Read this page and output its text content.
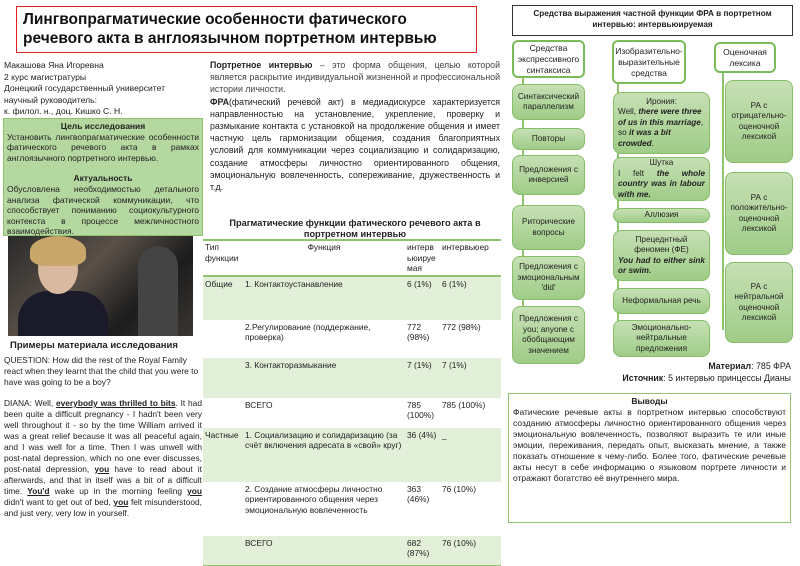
Лингвопрагматические особенности фатического речевого акта в англоязычном портретном интервью
Макашова Яна Игоревна
2 курс магистратуры
Донецкий государственный университет
научный руководитель:
к. филол. н., доц. Кишко С. Н.
Цель исследования
Установить лингвопрагматические особенности фатического речевого акта в рамках англоязычного портретного интервью.
Актуальность
Обусловлена необходимостью детального анализа фатической коммуникации, что способствует пониманию социокультурного контекста в процессе межличностного взаимодействия.
Примеры материала исследования
QUESTION: How did the rest of the Royal Family react when they learnt that the child that you were to have was going to be a boy?
DIANA: Well, everybody was thrilled to bits. It had been quite a difficult pregnancy - I hadn't been very well throughout it - so by the time William arrived it was a great relief because it was all peaceful again, and I was well for a time. Then I was unwell with post-natal depression, which no one ever discusses, post-natal depression, you have to read about it afterwards, and that in itself was a bit of a difficult time. You'd wake up in the morning feeling you didn't want to get out of bed, you felt misunderstood, and just very, very low in yourself.
Портретное интервью – это форма общения, целью которой является раскрытие индивидуальной жизненной и профессиональной истории личности.
ФРА(фатический речевой акт) в медиадискурсе характеризуется направленностью на установление, укрепление, проверку и размыкание контакта с установкой на продолжение общения и имеет частную цель гармонизации общения, создания благоприятных условий для коммуникации через социализацию и солидаризацию, создание атмосферы личностно ориентированного общения, эмоциональную вовлеченность, сопереживание, дружественность и т.д.
Прагматические функции фатического речевого акта в портретном интервью
Тип функции	Функция	интервьюируемая	интервьюер
Общие	1. Контактоустанавление	6 (1%)	6 (1%)
	2.Регулирование (поддержание, проверка)	772 (98%)	772 (98%)
	3. Контакторазмыкание	7 (1%)	7 (1%)
	ВСЕГО	785 (100%)	785 (100%)
Частные	1. Социализацию и солидаризацию (за счёт включения адресата в «свой» круг)	36 (4%)	_
	2. Создание атмосферы личностно ориентированного общения через эмоциональную вовлеченность	363 (46%)	76 (10%)
	ВСЕГО	682 (87%)	76 (10%)
Средства выражения частной функции ФРА в портретном интервью: интервьюируемая
Средства экспрессивного синтаксиса
Синтаксический параллелизм
Повторы
Предложения с инверсией
Риторические вопросы
Предложения с эмоциональным 'did'
Предложения с you; anyone с обобщающим значением
Изобразительно-выразительные средства
Ирония:
Well, there were three of us in this marriage, so it was a bit crowded.
Шутка
I felt the whole country was in labour with me.
Аллюзия
Прецеднтный феномен (ФЕ)
You had to either sink or swim.
Неформальная речь
Эмоционально-нейтральные предложения
Оценочная лексика
РА с отрицательно-оценочной лексикой
РА с положительно-оценочной лексикой
РА с нейтральной оценочной лексикой
Материал: 785 ФРА
Источник: 5 интервью принцессы Дианы
Выводы
Фатические речевые акты в портретном интервью способствуют созданию атмосферы личностно ориентированного общения через эмоциональную вовлеченность, позволяют выразить те или иные эмоции, переживания, передать опыт, высказать мнение, а также показать отношение к чему-либо. Более того, фатические речевые акты несут в себе информацию о языковом портрете личности и отражают богатство её внутреннего мира.
